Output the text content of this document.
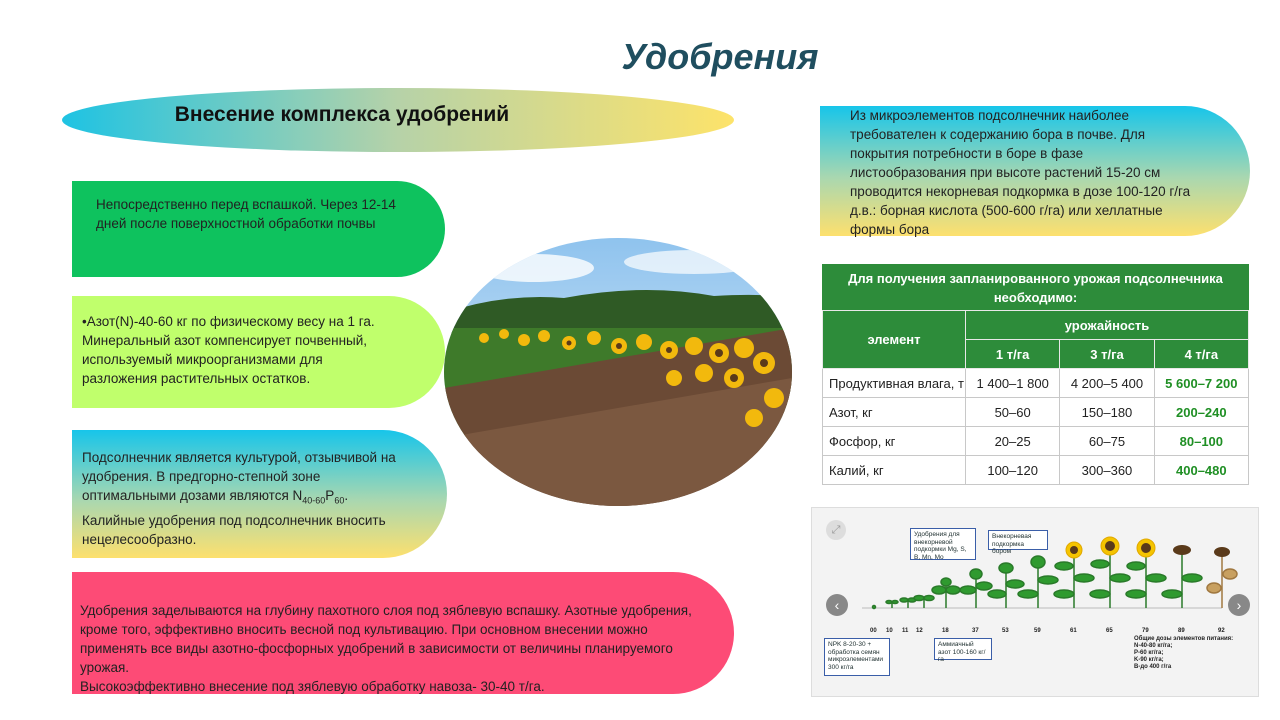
Удобрения
Внесение комплекса удобрений
Непосредственно перед вспашкой. Через 12-14 дней после поверхностной обработки почвы
•Азот(N)-40-60 кг по физическому весу на 1 га. Минеральный азот компенсирует почвенный, используемый микроорганизмами для разложения растительных остатков.
Подсолнечник является культурой, отзывчивой на удобрения. В предгорно-степной зоне оптимальными дозами являются $N_{40-60}P_{60}$. Калийные удобрения под подсолнечник вносить нецелесообразно.
Удобрения заделываются на глубину пахотного слоя под зяблевую вспашку. Азотные удобрения, кроме того, эффективно вносить весной под культивацию. При основном внесении можно применять все виды азотно-фосфорных удобрений в зависимости от величины планируемого урожая.
Высокоэффективно внесение под зяблевую обработку навоза- 30-40 т/га.
Из микроэлементов подсолнечник наиболее требователен к содержанию бора в почве. Для покрытия потребности в боре в фазе листообразования при высоте растений 15-20 см проводится некорневая подкормка в дозе 100-120 г/га д.в.: борная кислота (500-600 г/га) или хеллатные формы бора
Для получения запланированного урожая подсолнечника необходимо:
элемент	урожайность		
	1 т/га	3 т/га	4 т/га
Продуктивная влага, т	1 400–1 800	4 200–5 400	5 600–7 200
Азот, кг	50–60	150–180	200–240
Фосфор, кг	20–25	60–75	80–100
Калий, кг	100–120	300–360	400–480
‹	›
⤢	Удобрения для внекорневой подкормки Mg, S, B, Mn, Mo
Внекорневая подкормка бором
NPK 8-20-30 + обработка семян микроэлементами 300 кг/га
Аммиачный азот 100-160 кг/га
00 10 11 12	18	37	53	59	61	65	79	89	92
Общие дозы элементов питания:
N-40-80 кг/га;
P-60 кг/га;
K-90 кг/га;
B-до 400 г/га
